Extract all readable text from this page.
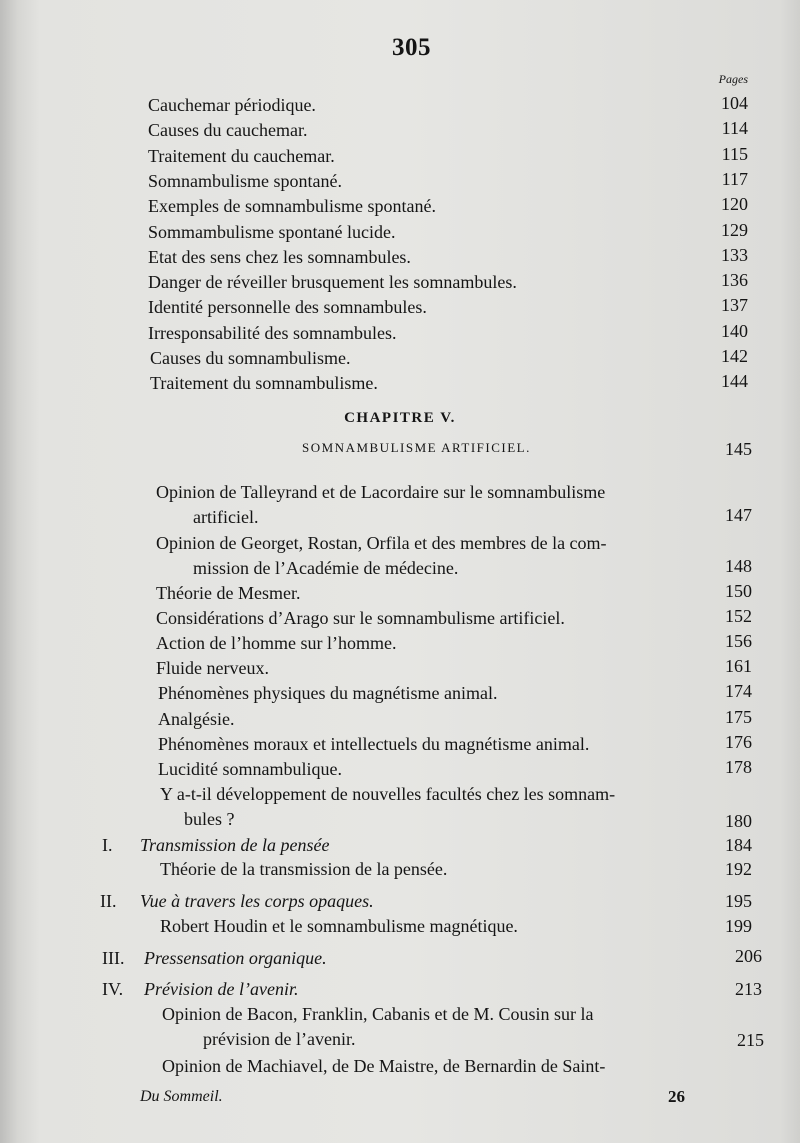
305
Pages
Cauchemar périodique.	104
Causes du cauchemar.	114
Traitement du cauchemar.	115
Somnambulisme spontané.	117
Exemples de somnambulisme spontané.	120
Sommambulisme spontané lucide.	129
Etat des sens chez les somnambules.	133
Danger de réveiller brusquement les somnambules.	136
Identité personnelle des somnambules.	137
Irresponsabilité des somnambules.	140
Causes du somnambulisme.	142
Traitement du somnambulisme.	144
CHAPITRE V.
SOMNAMBULISME ARTIFICIEL.	145
Opinion de Talleyrand et de Lacordaire sur le somnambulisme
artificiel.	147
Opinion de Georget, Rostan, Orfila et des membres de la com-
mission de l’Académie de médecine.	148
Théorie de Mesmer.	150
Considérations d’Arago sur le somnambulisme artificiel.	152
Action de l’homme sur l’homme.	156
Fluide nerveux.	161
Phénomènes physiques du magnétisme animal.	174
Analgésie.	175
Phénomènes moraux et intellectuels du magnétisme animal.	176
Lucidité somnambulique.	178
Y a-t-il développement de nouvelles facultés chez les somnam-
bules ?	180
I. Transmission de la pensée	184
Théorie de la transmission de la pensée.	192
II. Vue à travers les corps opaques.	195
Robert Houdin et le somnambulisme magnétique.	199
III. Pressensation organique.	206
IV. Prévision de l’avenir.	213
Opinion de Bacon, Franklin, Cabanis et de M. Cousin sur la
prévision de l’avenir.	215
Opinion de Machiavel, de De Maistre, de Bernardin de Saint-
Du Sommeil.	26
